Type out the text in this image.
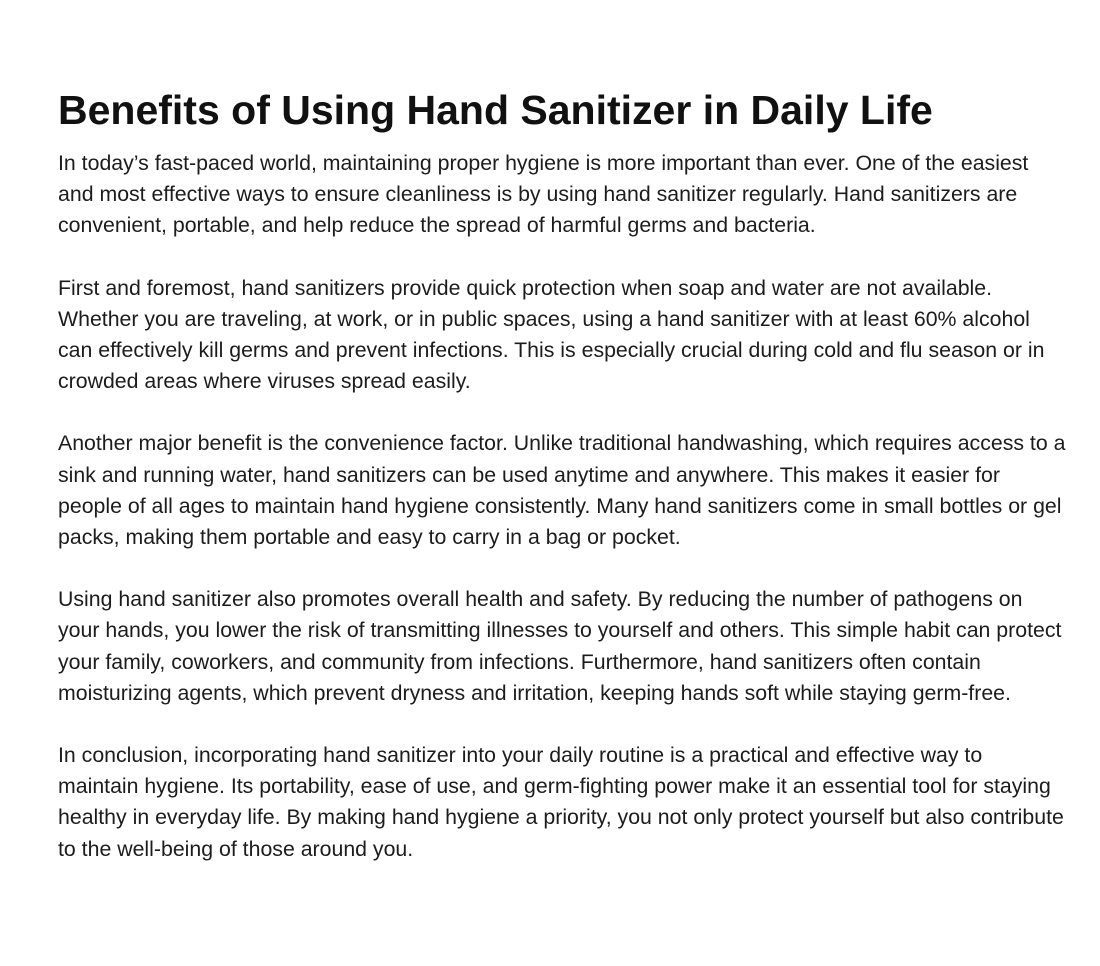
Benefits of Using Hand Sanitizer in Daily Life

In today’s fast-paced world, maintaining proper hygiene is more important than ever. One of the easiest and most effective ways to ensure cleanliness is by using hand sanitizer regularly. Hand sanitizers are convenient, portable, and help reduce the spread of harmful germs and bacteria.

First and foremost, hand sanitizers provide quick protection when soap and water are not available. Whether you are traveling, at work, or in public spaces, using a hand sanitizer with at least 60% alcohol can effectively kill germs and prevent infections. This is especially crucial during cold and flu season or in crowded areas where viruses spread easily.

Another major benefit is the convenience factor. Unlike traditional handwashing, which requires access to a sink and running water, hand sanitizers can be used anytime and anywhere. This makes it easier for people of all ages to maintain hand hygiene consistently. Many hand sanitizers come in small bottles or gel packs, making them portable and easy to carry in a bag or pocket.

Using hand sanitizer also promotes overall health and safety. By reducing the number of pathogens on your hands, you lower the risk of transmitting illnesses to yourself and others. This simple habit can protect your family, coworkers, and community from infections. Furthermore, hand sanitizers often contain moisturizing agents, which prevent dryness and irritation, keeping hands soft while staying germ-free.

In conclusion, incorporating hand sanitizer into your daily routine is a practical and effective way to maintain hygiene. Its portability, ease of use, and germ-fighting power make it an essential tool for staying healthy in everyday life. By making hand hygiene a priority, you not only protect yourself but also contribute to the well-being of those around you.
